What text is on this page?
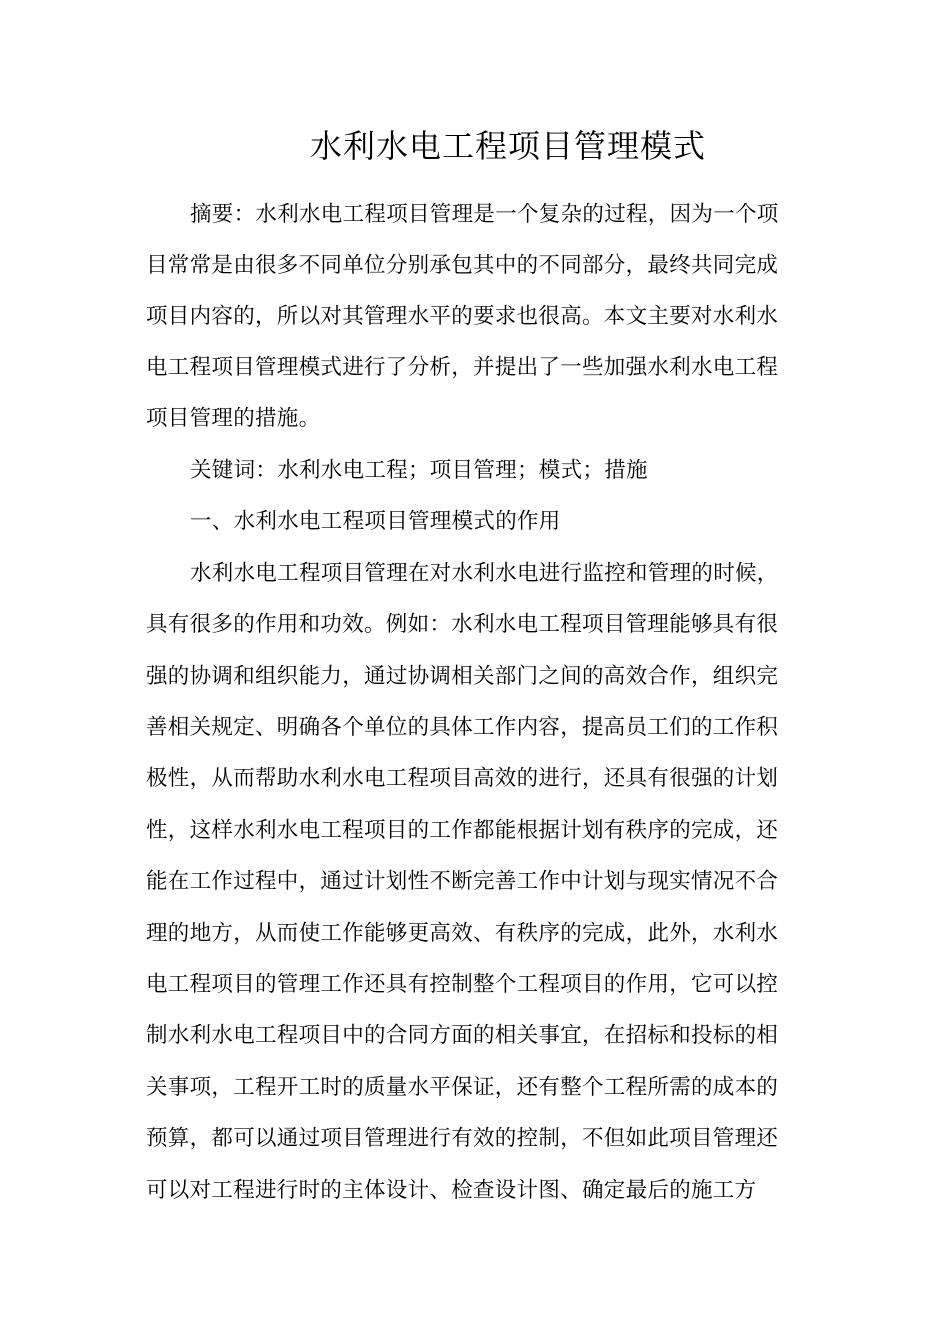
水利水电工程项目管理模式
摘要：水利水电工程项目管理是一个复杂的过程，因为一个项
目常常是由很多不同单位分别承包其中的不同部分，最终共同完成
项目内容的，所以对其管理水平的要求也很高。本文主要对水利水
电工程项目管理模式进行了分析，并提出了一些加强水利水电工程
项目管理的措施。
关键词：水利水电工程；项目管理；模式；措施
一、水利水电工程项目管理模式的作用
水利水电工程项目管理在对水利水电进行监控和管理的时候，
具有很多的作用和功效。例如：水利水电工程项目管理能够具有很
强的协调和组织能力，通过协调相关部门之间的高效合作，组织完
善相关规定、明确各个单位的具体工作内容，提高员工们的工作积
极性，从而帮助水利水电工程项目高效的进行，还具有很强的计划
性，这样水利水电工程项目的工作都能根据计划有秩序的完成，还
能在工作过程中，通过计划性不断完善工作中计划与现实情况不合
理的地方，从而使工作能够更高效、有秩序的完成，此外，水利水
电工程项目的管理工作还具有控制整个工程项目的作用，它可以控
制水利水电工程项目中的合同方面的相关事宜，在招标和投标的相
关事项，工程开工时的质量水平保证，还有整个工程所需的成本的
预算，都可以通过项目管理进行有效的控制，不但如此项目管理还
可以对工程进行时的主体设计、检查设计图、确定最后的施工方
